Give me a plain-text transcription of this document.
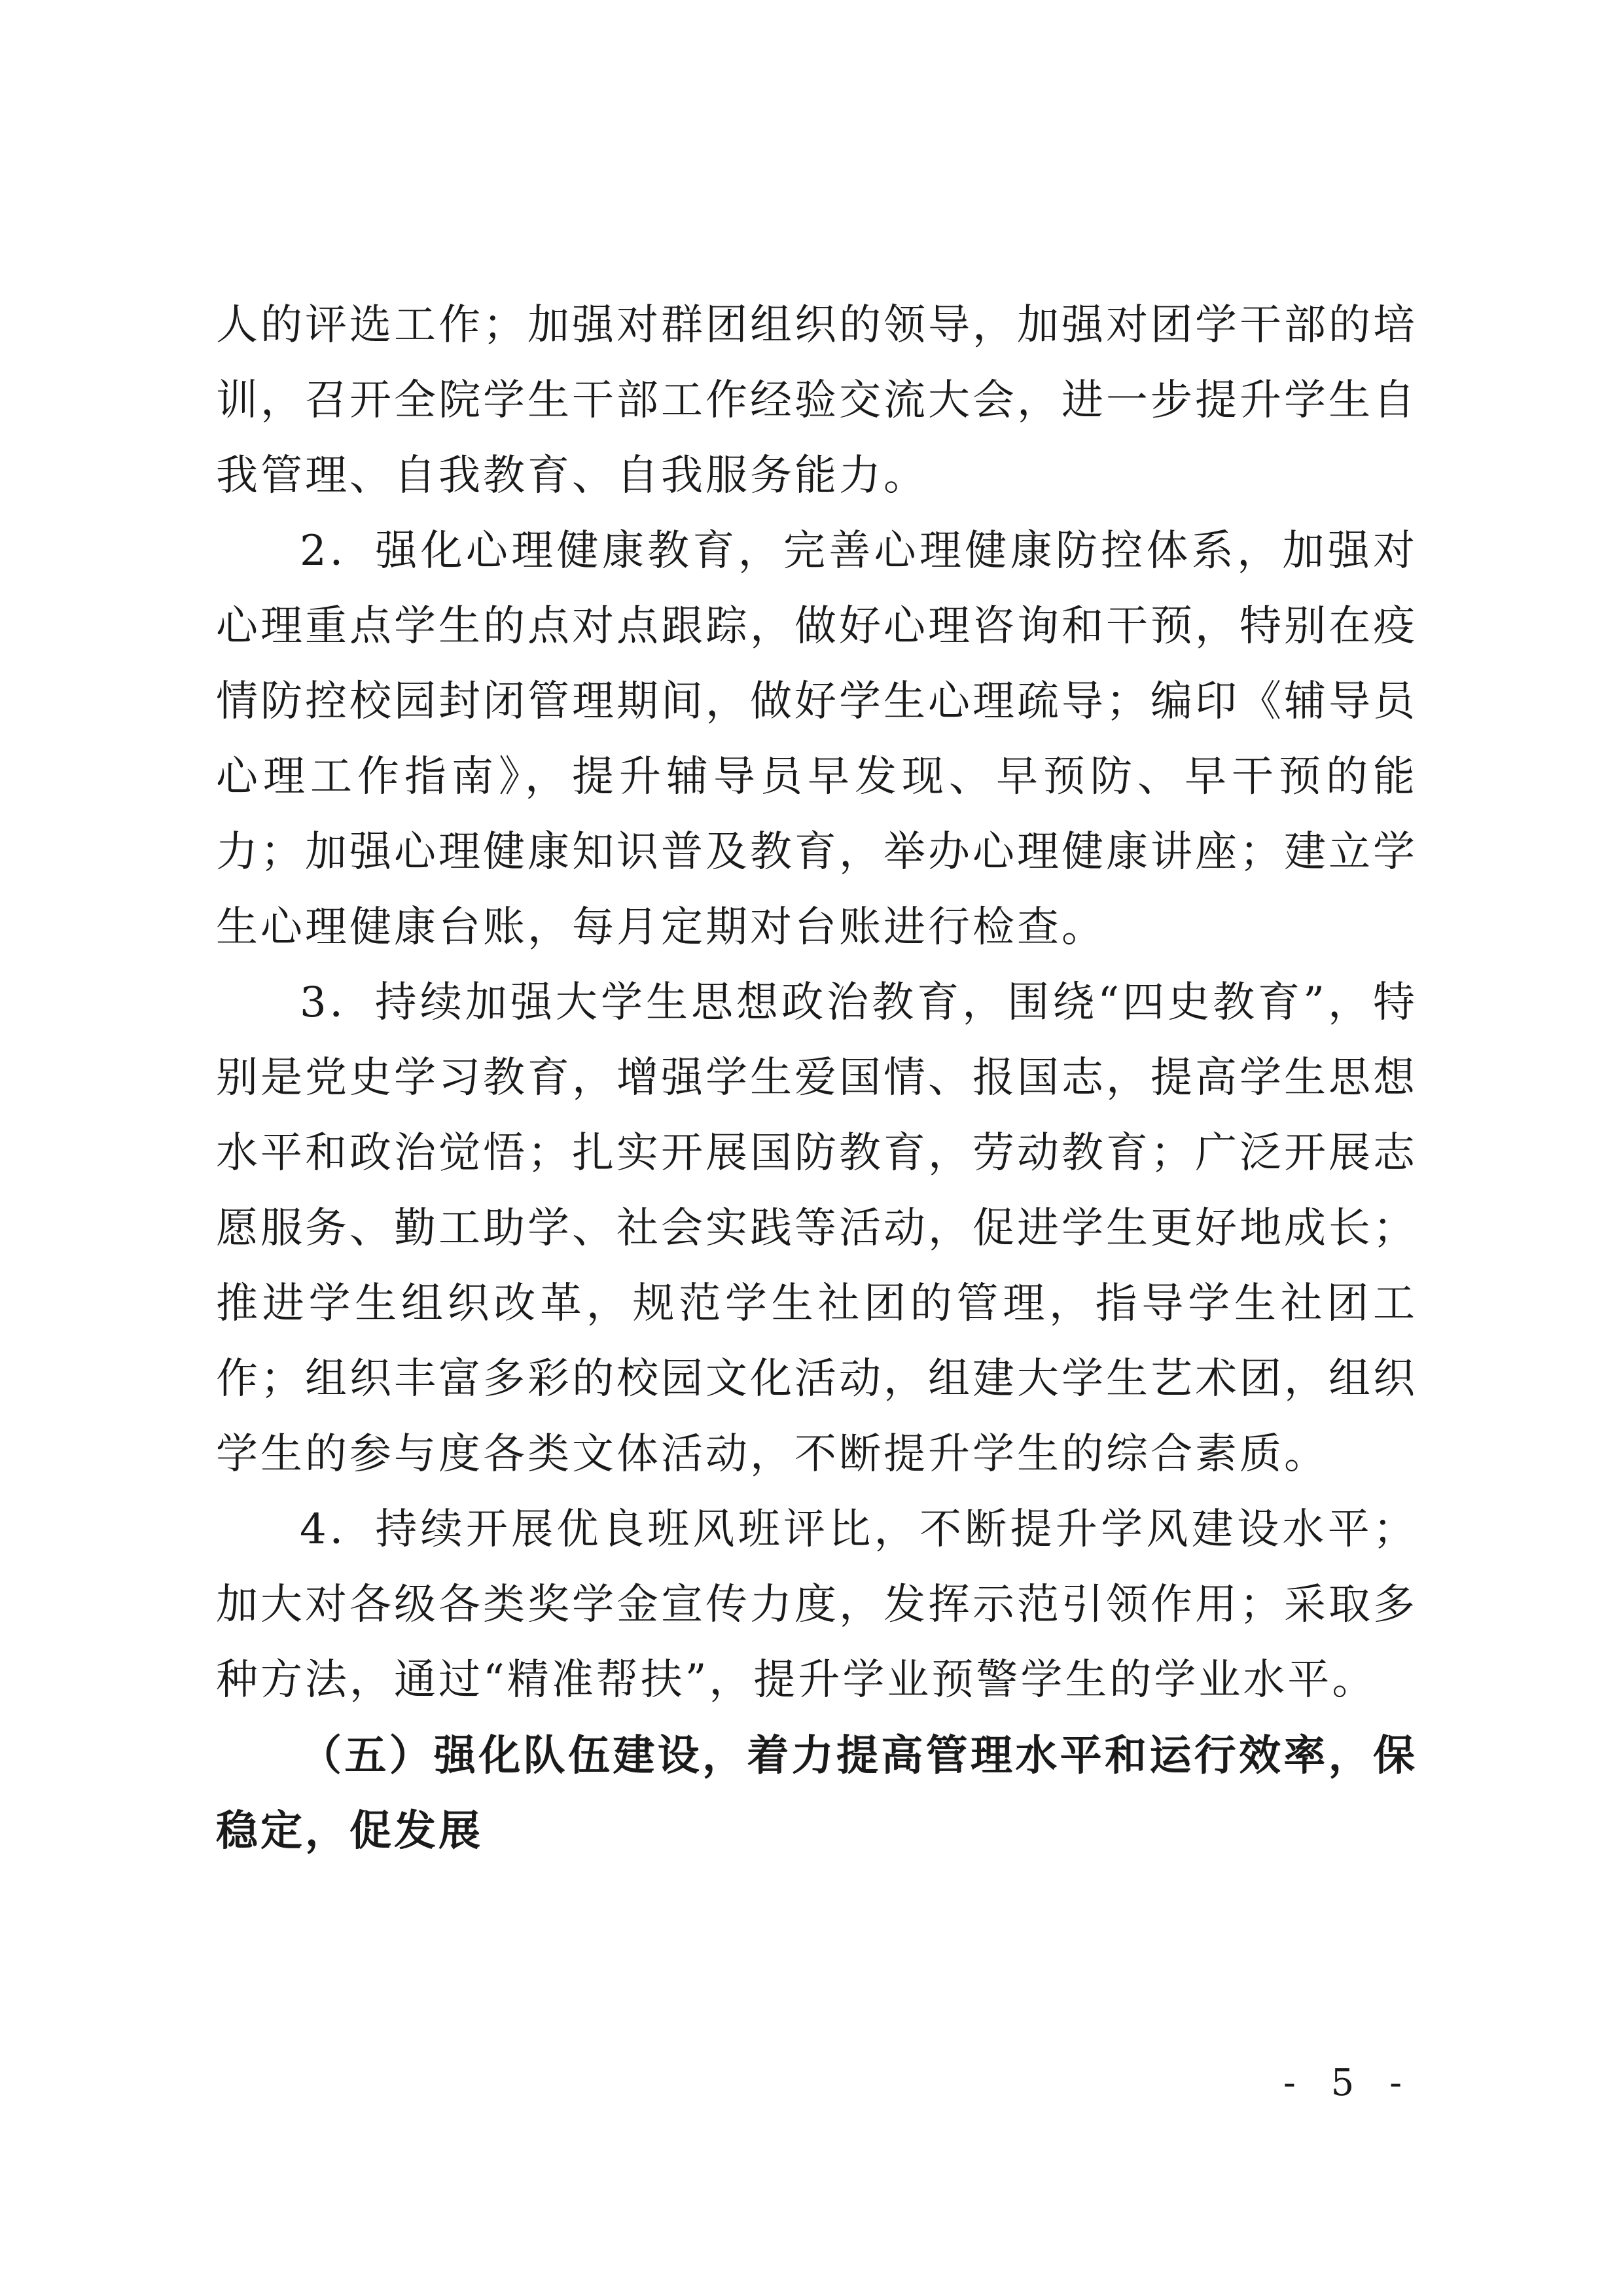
人的评选工作；加强对群团组织的领导，加强对团学干部的培训，召开全院学生干部工作经验交流大会，进一步提升学生自我管理、自我教育、自我服务能力。

2．强化心理健康教育，完善心理健康防控体系，加强对心理重点学生的点对点跟踪，做好心理咨询和干预，特别在疫情防控校园封闭管理期间，做好学生心理疏导；编印《辅导员心理工作指南》，提升辅导员早发现、早预防、早干预的能力；加强心理健康知识普及教育，举办心理健康讲座；建立学生心理健康台账，每月定期对台账进行检查。

3．持续加强大学生思想政治教育，围绕“四史教育”，特别是党史学习教育，增强学生爱国情、报国志，提高学生思想水平和政治觉悟；扎实开展国防教育，劳动教育；广泛开展志愿服务、勤工助学、社会实践等活动，促进学生更好地成长；推进学生组织改革，规范学生社团的管理，指导学生社团工作；组织丰富多彩的校园文化活动，组建大学生艺术团，组织学生的参与度各类文体活动，不断提升学生的综合素质。

4．持续开展优良班风班评比，不断提升学风建设水平；加大对各级各类奖学金宣传力度，发挥示范引领作用；采取多种方法，通过“精准帮扶”，提升学业预警学生的学业水平。

（五）强化队伍建设，着力提高管理水平和运行效率，保稳定，促发展

- 5 -
